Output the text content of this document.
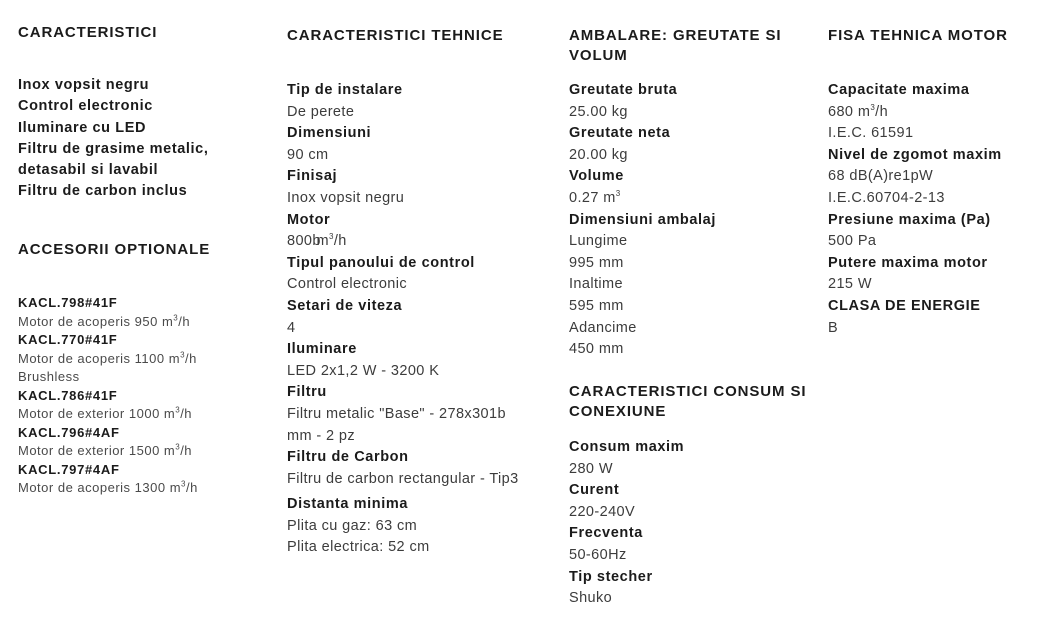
CARACTERISTICI
Inox vopsit negru
Control electronic
Iluminare cu LED
Filtru de grasime metalic,
detasabil si lavabil
Filtru de carbon inclus
ACCESORII OPTIONALE
KACL.798#41F
Motor de acoperis 950 $m^3/h$
KACL.770#41F
Motor de acoperis 1100 $m^3/h$
Brushless
KACL.786#41F
Motor de exterior 1000 $m^3/h$
KACL.796#4AF
Motor de exterior 1500 $m^3/h$
KACL.797#4AF
Motor de acoperis 1300 $m^3/h$
CARACTERISTICI TEHNICE
Tip de instalare
De perete
Dimensiuni
90 cm
Finisaj
Inox vopsit negru
Motor
800bm $^3$/h
Tipul panoului de control
Control electronic
Setari de viteza
4
Iluminare
LED 2x1,2 W - 3200 K
Filtru
Filtru metalic "Base" - 278x301b
mm - 2 pz
Filtru de Carbon
Filtru de carbon rectangular - Tip3
Distanta minima
Plita cu gaz: 63 cm
Plita electrica: 52 cm
AMBALARE: GREUTATE SI
VOLUM
Greutate bruta
25.00 kg
Greutate neta
20.00 kg
Volume
0.27 $m^3$
Dimensiuni ambalaj
Lungime
995 mm
Inaltime
595 mm
Adancime
450 mm
CARACTERISTICI CONSUM SI
CONEXIUNE
Consum maxim
280 W
Curent
220-240V
Frecventa
50-60Hz
Tip stecher
Shuko
FISA TEHNICA MOTOR
Capacitate maxima
680 $m^3/h$
I.E.C. 61591
Nivel de zgomot maxim
68 dB(A)re1pW
I.E.C.60704-2-13
Presiune maxima (Pa)
500 Pa
Putere maxima motor
215 W
CLASA DE ENERGIE
B
